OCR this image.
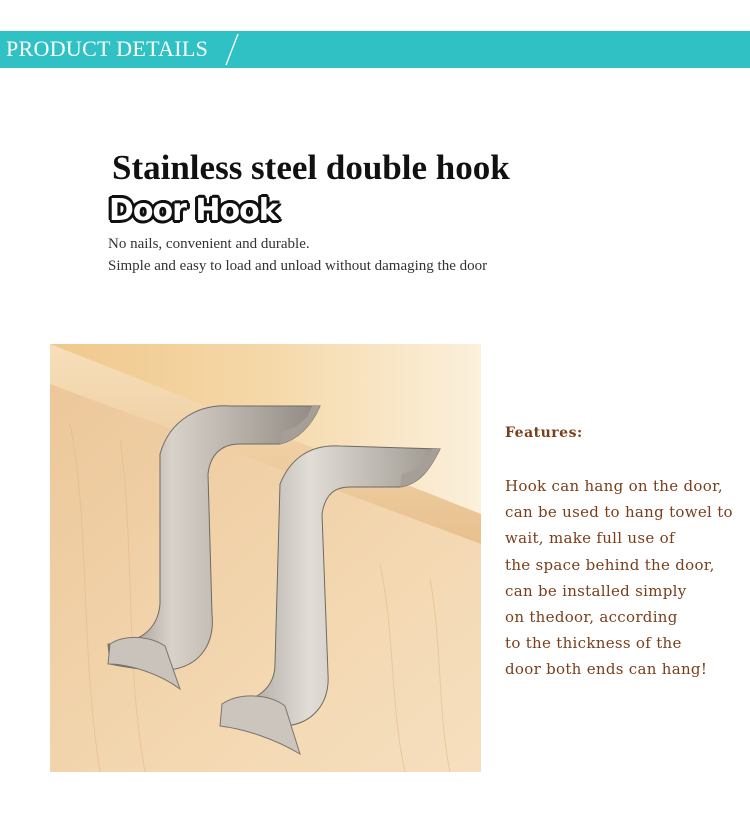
PRODUCT DETAILS
Stainless steel double hook
Door Hook
No nails, convenient and durable.
Simple and easy to load and unload without damaging the door
Features:
Hook can hang on the door,
can be used to hang towel to
wait, make full use of
the space behind the door,
can be installed simply
on thedoor, according
to the thickness of the
door both ends can hang!
